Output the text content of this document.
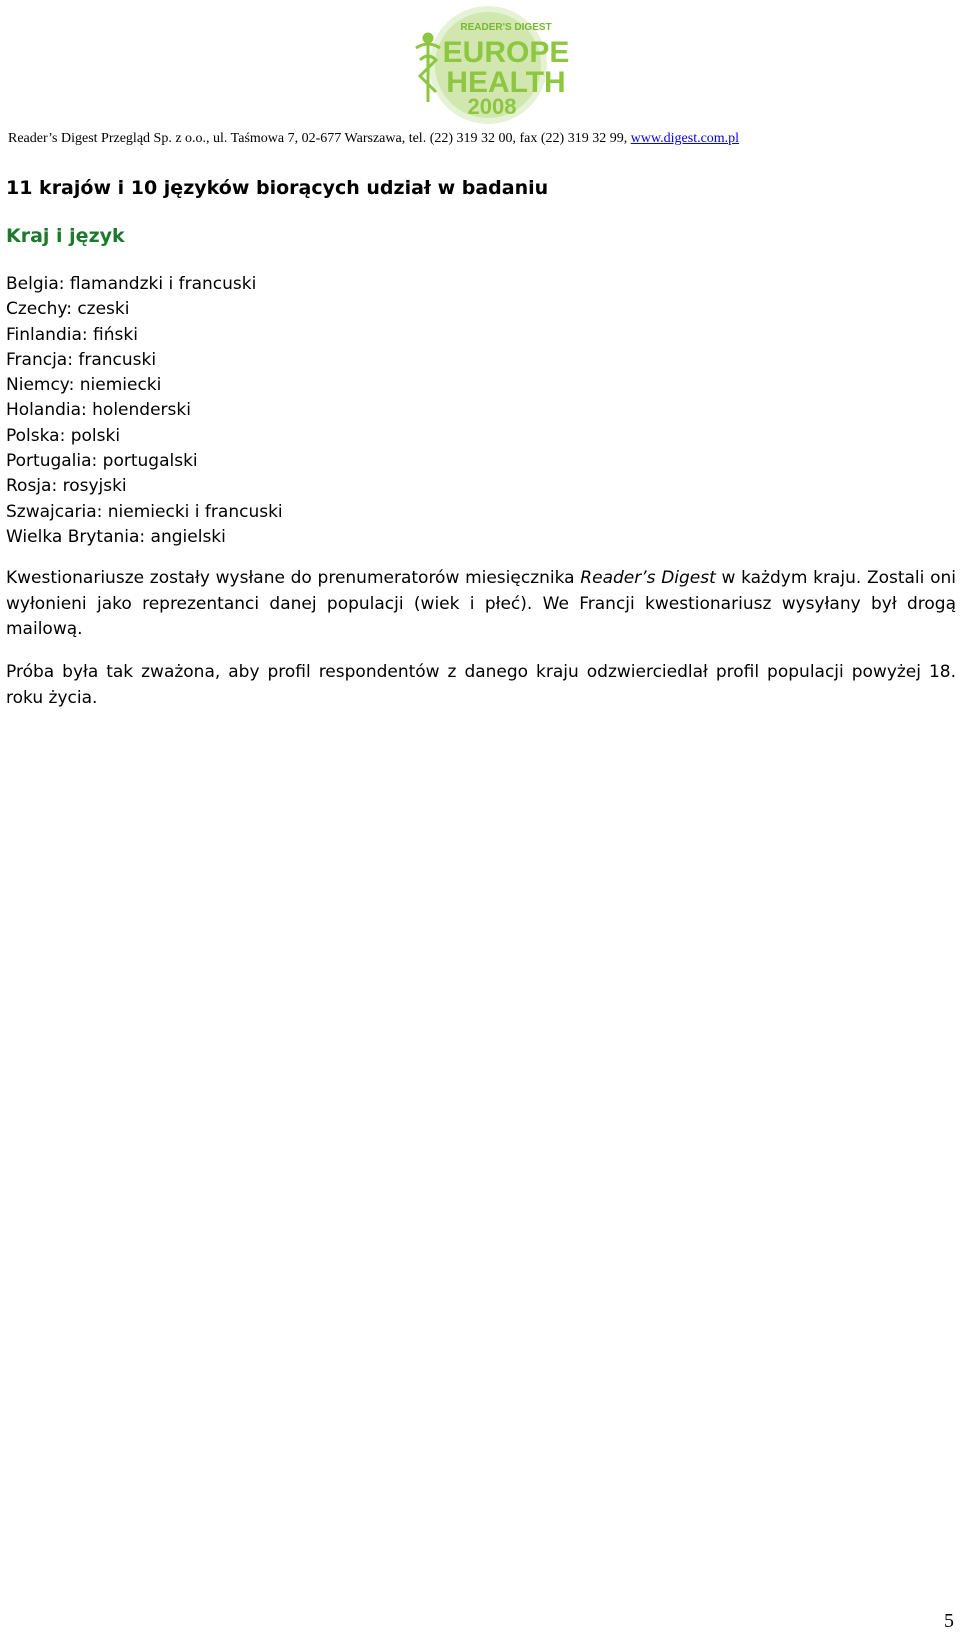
READER'S DIGEST
EUROPE
HEALTH
2008
Reader’s Digest Przegląd Sp. z o.o., ul. Taśmowa 7, 02-677 Warszawa, tel. (22) 319 32 00, fax (22) 319 32 99, www.digest.com.pl
11 krajów i 10 języków biorących udział w badaniu
Kraj i język
Belgia: flamandzki i francuski
Czechy: czeski
Finlandia: fiński
Francja: francuski
Niemcy: niemiecki
Holandia: holenderski
Polska: polski
Portugalia: portugalski
Rosja: rosyjski
Szwajcaria: niemiecki i francuski
Wielka Brytania: angielski

Kwestionariusze zostały wysłane do prenumeratorów miesięcznika Reader’s Digest w każdym kraju. Zostali oni wyłonieni jako reprezentanci danej populacji (wiek i płeć). We Francji kwestionariusz wysyłany był drogą mailową.

Próba była tak zważona, aby profil respondentów z danego kraju odzwierciedlał profil populacji powyżej 18. roku życia.

5
